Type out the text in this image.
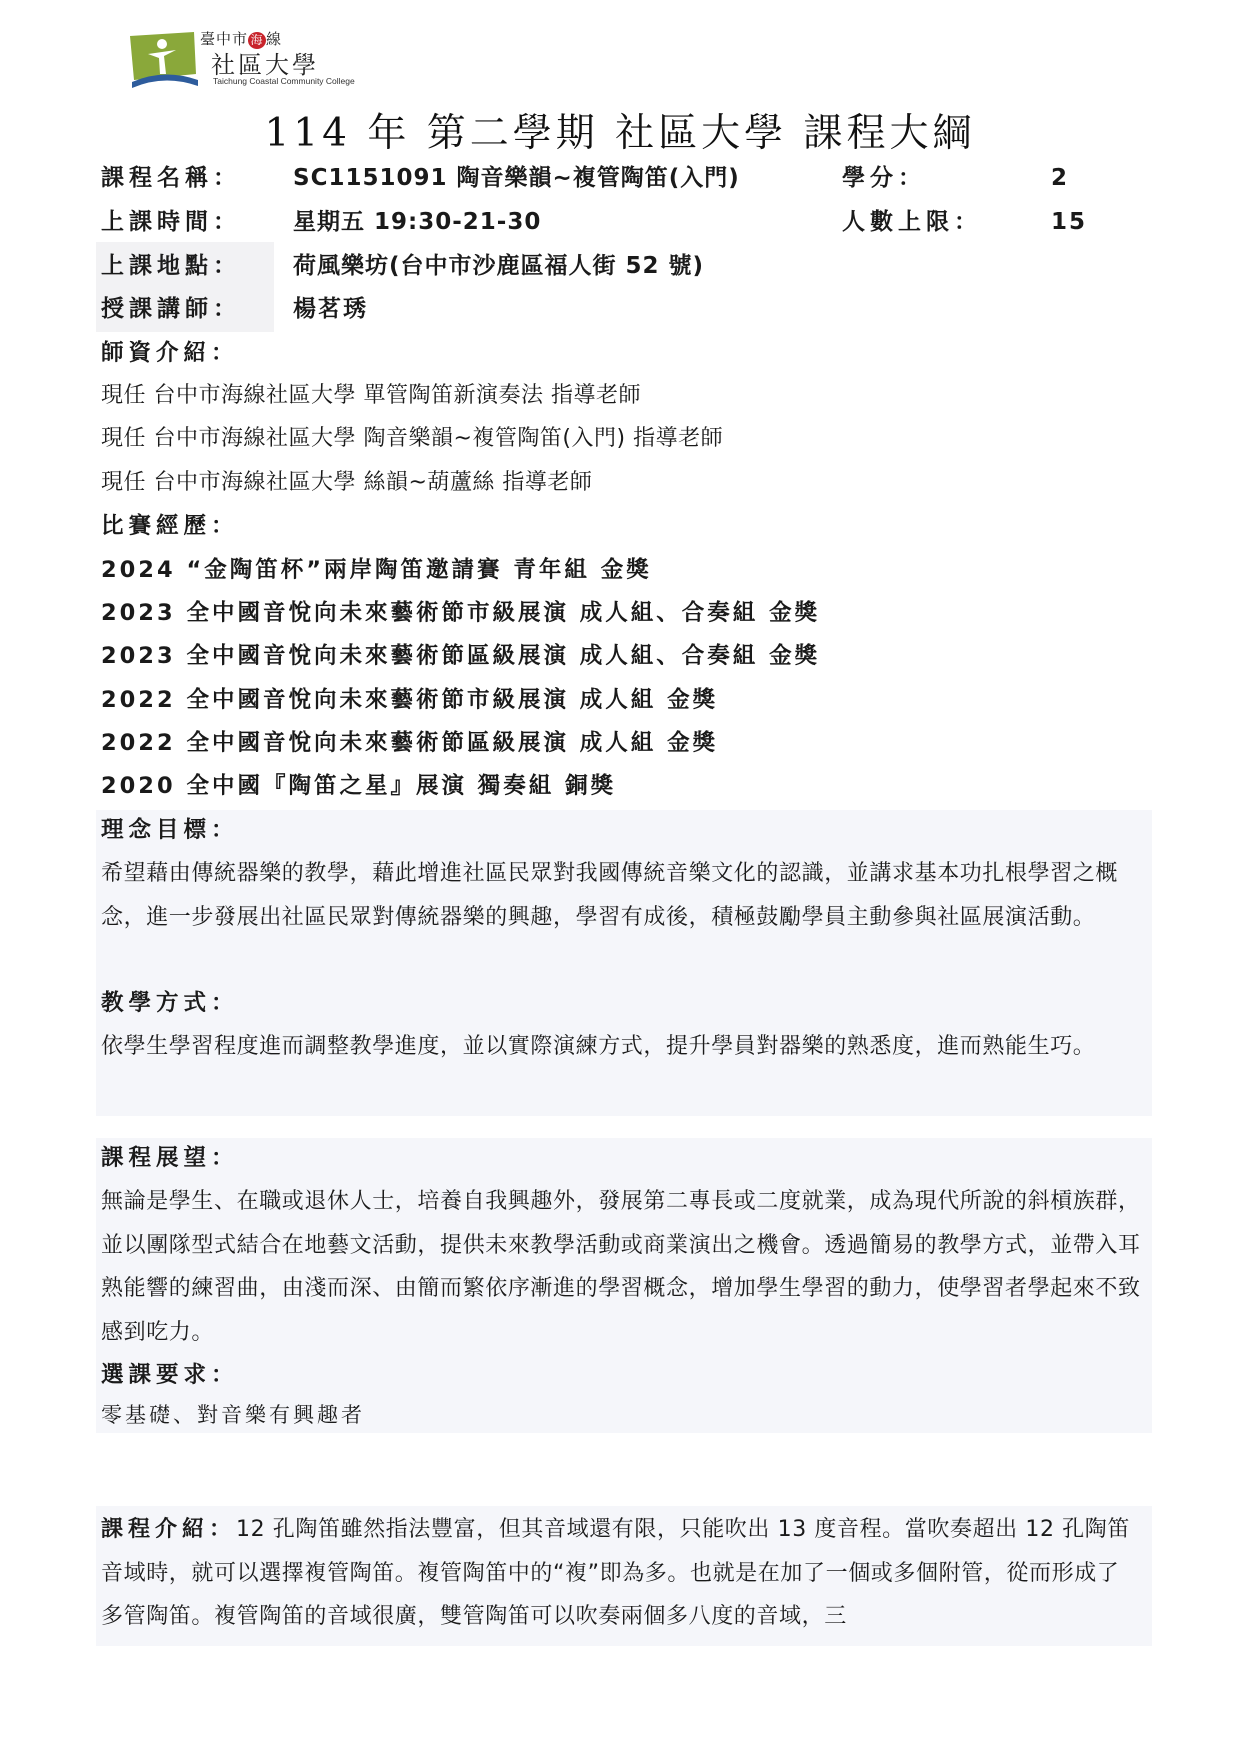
臺中市 海 線
社區大學
Taichung Coastal Community College
114 年 第二學期 社區大學 課程大綱
課程名稱： SC1151091 陶音樂韻~複管陶笛(入門)	學分：	2
上課時間： 星期五 19:30-21-30	人數上限：	15
上課地點： 荷風樂坊(台中市沙鹿區福人街 52 號)
授課講師： 楊茗琇
師資介紹：
現任 台中市海線社區大學 單管陶笛新演奏法 指導老師
現任 台中市海線社區大學 陶音樂韻~複管陶笛(入門) 指導老師
現任 台中市海線社區大學 絲韻~葫蘆絲 指導老師
比賽經歷：
2024 “金陶笛杯”兩岸陶笛邀請賽 青年組 金獎
2023 全中國音悅向未來藝術節市級展演 成人組、合奏組 金獎
2023 全中國音悅向未來藝術節區級展演 成人組、合奏組 金獎
2022 全中國音悅向未來藝術節市級展演 成人組 金獎
2022 全中國音悅向未來藝術節區級展演 成人組 金獎
2020 全中國『陶笛之星』展演 獨奏組 銅獎
理念目標：
希望藉由傳統器樂的教學，藉此增進社區民眾對我國傳統音樂文化的認識，並講求基本功扎根學習之概念，進一步發展出社區民眾對傳統器樂的興趣，學習有成後，積極鼓勵學員主動參與社區展演活動。
教學方式：
依學生學習程度進而調整教學進度，並以實際演練方式，提升學員對器樂的熟悉度，進而熟能生巧。
課程展望：
無論是學生、在職或退休人士，培養自我興趣外，發展第二專長或二度就業，成為現代所說的斜槓族群，並以團隊型式結合在地藝文活動，提供未來教學活動或商業演出之機會。透過簡易的教學方式，並帶入耳熟能響的練習曲，由淺而深、由簡而繁依序漸進的學習概念，增加學生學習的動力，使學習者學起來不致感到吃力。
選課要求：
零基礎、對音樂有興趣者
課程介紹：12 孔陶笛雖然指法豐富，但其音域還有限，只能吹出 13 度音程。當吹奏超出 12 孔陶笛音域時，就可以選擇複管陶笛。複管陶笛中的“複”即為多。也就是在加了一個或多個附管，從而形成了多管陶笛。複管陶笛的音域很廣，雙管陶笛可以吹奏兩個多八度的音域，三
